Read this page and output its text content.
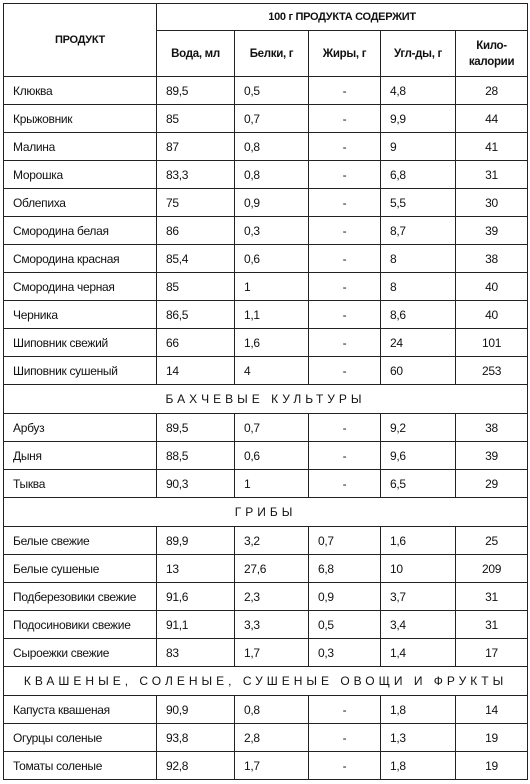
ПРОДУКТ	100 г ПРОДУКТА СОДЕРЖИТ				
	Вода, мл	Белки, г	Жиры, г	Угл-ды, г	Кило-калории
Клюква	89,5	0,5	-	4,8	28
Крыжовник	85	0,7	-	9,9	44
Малина	87	0,8	-	9	41
Морошка	83,3	0,8	-	6,8	31
Облепиха	75	0,9	-	5,5	30
Смородина белая	86	0,3	-	8,7	39
Смородина красная	85,4	0,6	-	8	38
Смородина черная	85	1	-	8	40
Черника	86,5	1,1	-	8,6	40
Шиповник свежий	66	1,6	-	24	101
Шиповник сушеный	14	4	-	60	253
БАХЧЕВЫЕ КУЛЬТУРЫ					
Арбуз	89,5	0,7	-	9,2	38
Дыня	88,5	0,6	-	9,6	39
Тыква	90,3	1	-	6,5	29
ГРИБЫ					
Белые свежие	89,9	3,2	0,7	1,6	25
Белые сушеные	13	27,6	6,8	10	209
Подберезовики свежие	91,6	2,3	0,9	3,7	31
Подосиновики свежие	91,1	3,3	0,5	3,4	31
Сыроежки свежие	83	1,7	0,3	1,4	17
КВАШЕНЫЕ, СОЛЕНЫЕ, СУШЕНЫЕ ОВОЩИ И ФРУКТЫ					
Капуста квашеная	90,9	0,8	-	1,8	14
Огурцы соленые	93,8	2,8	-	1,3	19
Томаты соленые	92,8	1,7	-	1,8	19
